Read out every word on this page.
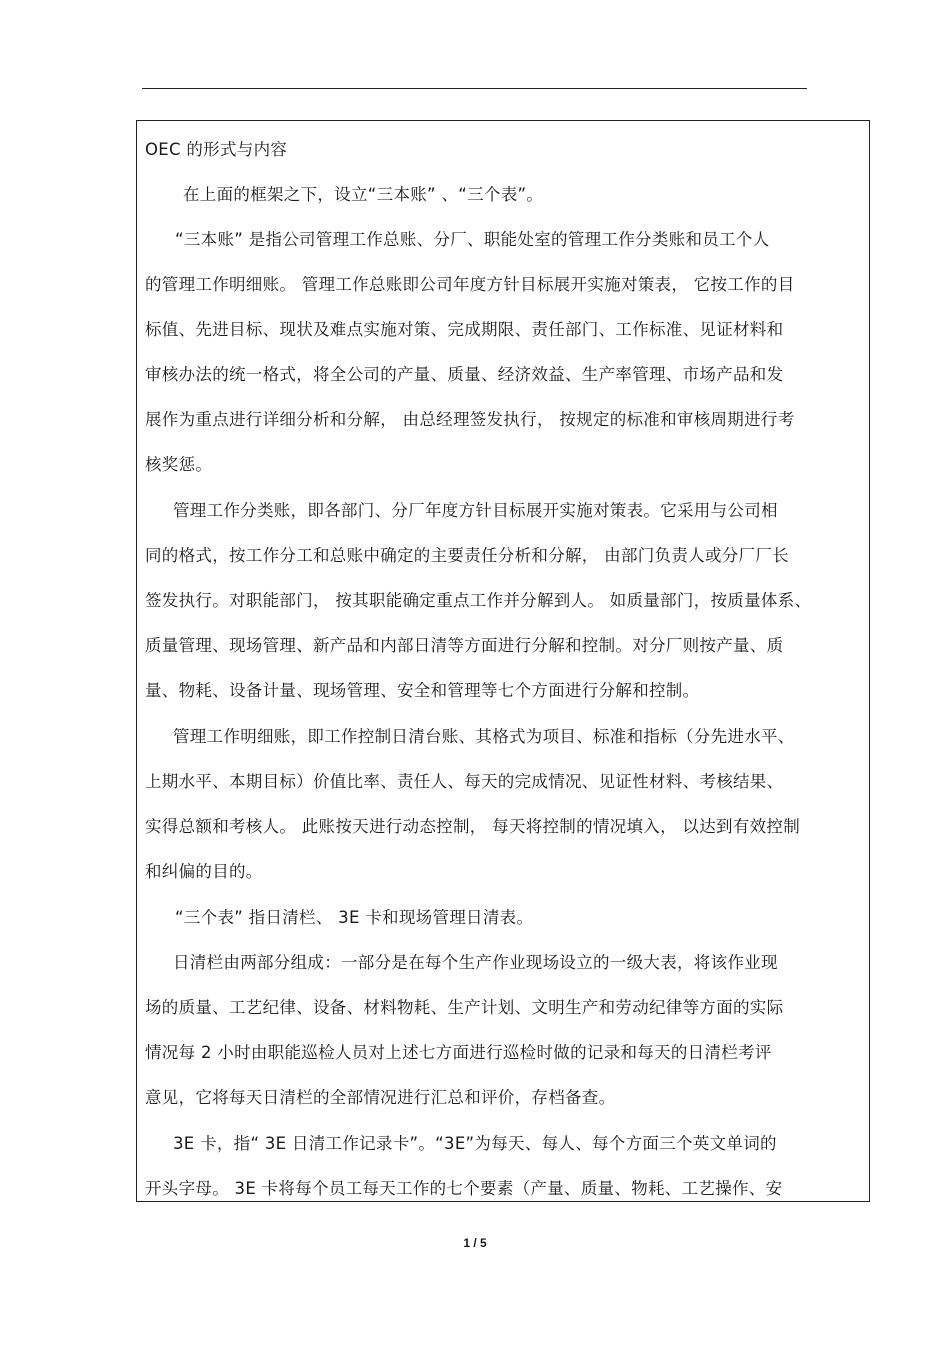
OEC 的形式与内容
在上面的框架之下，设立“三本账” 、“三个表”。
“三本账” 是指公司管理工作总账、分厂、职能处室的管理工作分类账和员工个人
的管理工作明细账。 管理工作总账即公司年度方针目标展开实施对策表， 它按工作的目
标值、先进目标、现状及难点实施对策、完成期限、责任部门、工作标准、见证材料和
审核办法的统一格式，将全公司的产量、质量、经济效益、生产率管理、市场产品和发
展作为重点进行详细分析和分解， 由总经理签发执行， 按规定的标准和审核周期进行考
核奖惩。
管理工作分类账，即各部门、分厂年度方针目标展开实施对策表。它采用与公司相
同的格式，按工作分工和总账中确定的主要责任分析和分解， 由部门负责人或分厂厂长
签发执行。对职能部门， 按其职能确定重点工作并分解到人。 如质量部门，按质量体系、
质量管理、现场管理、新产品和内部日清等方面进行分解和控制。对分厂则按产量、质
量、物耗、设备计量、现场管理、安全和管理等七个方面进行分解和控制。
管理工作明细账，即工作控制日清台账、其格式为项目、标准和指标（分先进水平、
上期水平、本期目标）价值比率、责任人、每天的完成情况、见证性材料、考核结果、
实得总额和考核人。 此账按天进行动态控制， 每天将控制的情况填入， 以达到有效控制
和纠偏的目的。
“三个表” 指日清栏、 3E 卡和现场管理日清表。
日清栏由两部分组成：一部分是在每个生产作业现场设立的一级大表，将该作业现
场的质量、工艺纪律、设备、材料物耗、生产计划、文明生产和劳动纪律等方面的实际
情况每 2 小时由职能巡检人员对上述七方面进行巡检时做的记录和每天的日清栏考评
意见，它将每天日清栏的全部情况进行汇总和评价，存档备查。
3E 卡，指“ 3E 日清工作记录卡”。“3E”为每天、每人、每个方面三个英文单词的
开头字母。 3E 卡将每个员工每天工作的七个要素（产量、质量、物耗、工艺操作、安
1 / 5
